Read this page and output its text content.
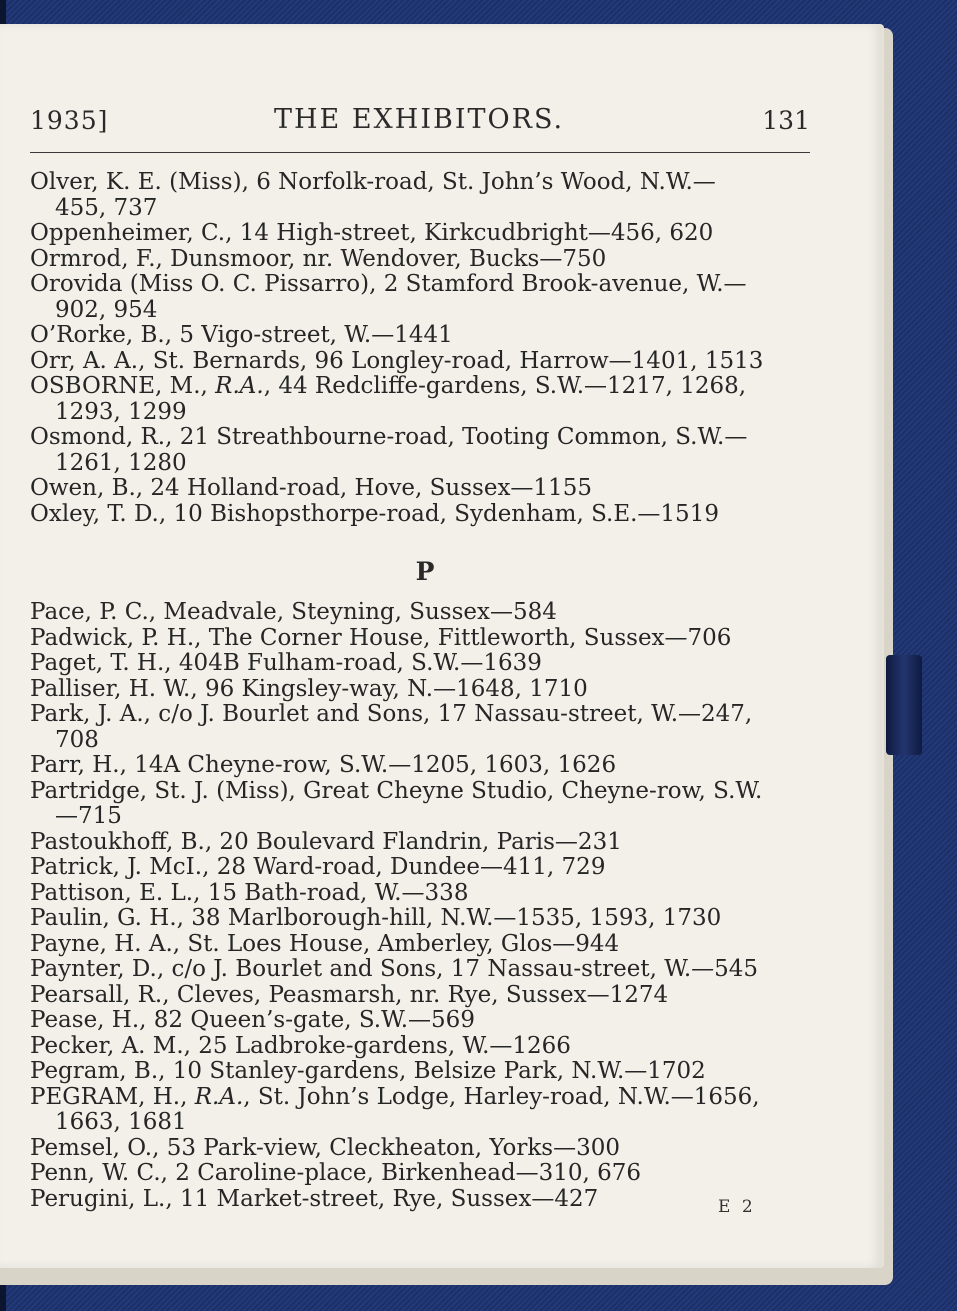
1935]	THE EXHIBITORS.	131
Olver, K. E. (Miss), 6 Norfolk-road, St. John’s Wood, N.W.—
455, 737
Oppenheimer, C., 14 High-street, Kirkcudbright—456, 620
Ormrod, F., Dunsmoor, nr. Wendover, Bucks—750
Orovida (Miss O. C. Pissarro), 2 Stamford Brook-avenue, W.—
902, 954
O’Rorke, B., 5 Vigo-street, W.—1441
Orr, A. A., St. Bernards, 96 Longley-road, Harrow—1401, 1513
OSBORNE, M., R.A., 44 Redcliffe-gardens, S.W.—1217, 1268,
1293, 1299
Osmond, R., 21 Streathbourne-road, Tooting Common, S.W.—
1261, 1280
Owen, B., 24 Holland-road, Hove, Sussex—1155
Oxley, T. D., 10 Bishopsthorpe-road, Sydenham, S.E.—1519
P
Pace, P. C., Meadvale, Steyning, Sussex—584
Padwick, P. H., The Corner House, Fittleworth, Sussex—706
Paget, T. H., 404B Fulham-road, S.W.—1639
Palliser, H. W., 96 Kingsley-way, N.—1648, 1710
Park, J. A., c/o J. Bourlet and Sons, 17 Nassau-street, W.—247,
708
Parr, H., 14A Cheyne-row, S.W.—1205, 1603, 1626
Partridge, St. J. (Miss), Great Cheyne Studio, Cheyne-row, S.W.
—715
Pastoukhoff, B., 20 Boulevard Flandrin, Paris—231
Patrick, J. McI., 28 Ward-road, Dundee—411, 729
Pattison, E. L., 15 Bath-road, W.—338
Paulin, G. H., 38 Marlborough-hill, N.W.—1535, 1593, 1730
Payne, H. A., St. Loes House, Amberley, Glos—944
Paynter, D., c/o J. Bourlet and Sons, 17 Nassau-street, W.—545
Pearsall, R., Cleves, Peasmarsh, nr. Rye, Sussex—1274
Pease, H., 82 Queen’s-gate, S.W.—569
Pecker, A. M., 25 Ladbroke-gardens, W.—1266
Pegram, B., 10 Stanley-gardens, Belsize Park, N.W.—1702
PEGRAM, H., R.A., St. John’s Lodge, Harley-road, N.W.—1656,
1663, 1681
Pemsel, O., 53 Park-view, Cleckheaton, Yorks—300
Penn, W. C., 2 Caroline-place, Birkenhead—310, 676
Perugini, L., 11 Market-street, Rye, Sussex—427	E 2
